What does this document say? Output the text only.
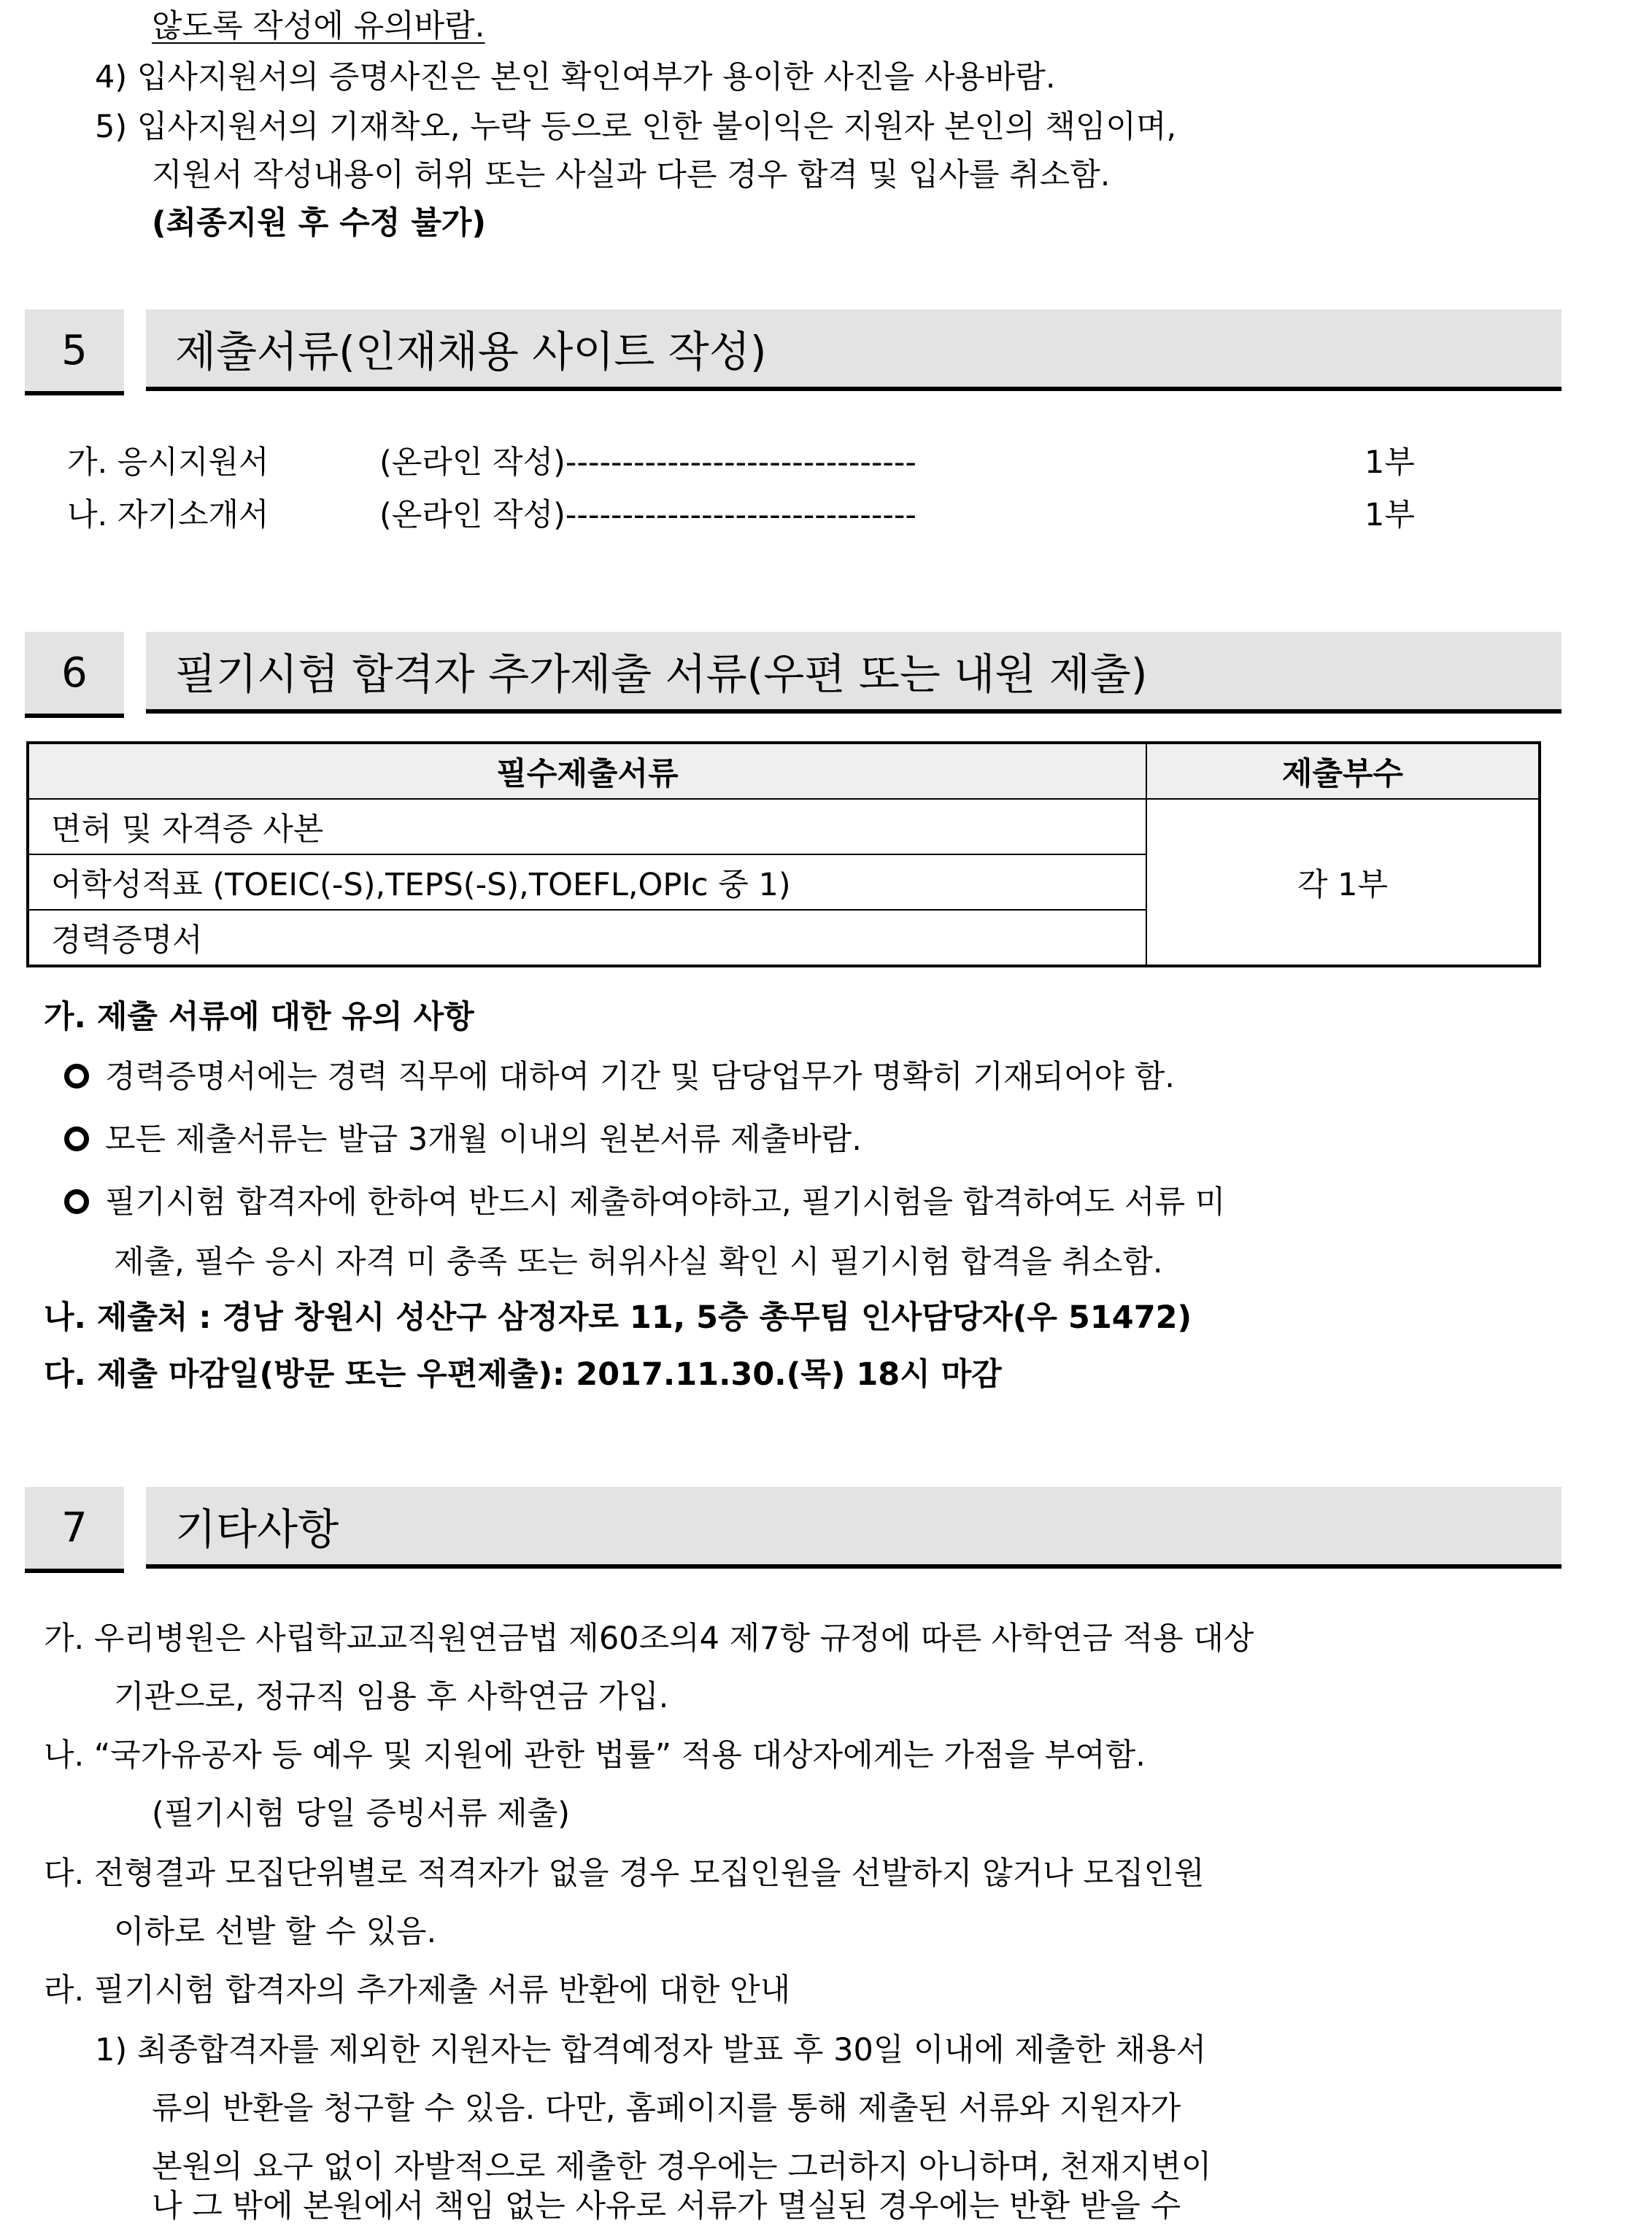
않도록 작성에 유의바람.
4) 입사지원서의 증명사진은 본인 확인여부가 용이한 사진을 사용바람.
5) 입사지원서의 기재착오, 누락 등으로 인한 불이익은 지원자 본인의 책임이며,
지원서 작성내용이 허위 또는 사실과 다른 경우 합격 및 입사를 취소함.
(최종지원 후 수정 불가)
5	제출서류(인재채용 사이트 작성)
가. 응시지원서	(온라인 작성)-------------------------------	1부
나. 자기소개서	(온라인 작성)-------------------------------	1부
6	필기시험 합격자 추가제출 서류(우편 또는 내원 제출)
필수제출서류	제출부수
면허 및 자격증 사본	각 1부
어학성적표 (TOEIC(-S),TEPS(-S),TOEFL,OPIc 중 1)	
경력증명서	
가. 제출 서류에 대한 유의 사항
경력증명서에는 경력 직무에 대하여 기간 및 담당업무가 명확히 기재되어야 함.
모든 제출서류는 발급 3개월 이내의 원본서류 제출바람.
필기시험 합격자에 한하여 반드시 제출하여야하고, 필기시험을 합격하여도 서류 미
제출, 필수 응시 자격 미 충족 또는 허위사실 확인 시 필기시험 합격을 취소함.
나. 제출처 : 경남 창원시 성산구 삼정자로 11, 5층 총무팀 인사담당자(우 51472)
다. 제출 마감일(방문 또는 우편제출): 2017.11.30.(목) 18시 마감
7	기타사항
가. 우리병원은 사립학교교직원연금법 제60조의4 제7항 규정에 따른 사학연금 적용 대상
기관으로, 정규직 임용 후 사학연금 가입.
나. “국가유공자 등 예우 및 지원에 관한 법률” 적용 대상자에게는 가점을 부여함.
(필기시험 당일 증빙서류 제출)
다. 전형결과 모집단위별로 적격자가 없을 경우 모집인원을 선발하지 않거나 모집인원
이하로 선발 할 수 있음.
라. 필기시험 합격자의 추가제출 서류 반환에 대한 안내
1) 최종합격자를 제외한 지원자는 합격예정자 발표 후 30일 이내에 제출한 채용서
류의 반환을 청구할 수 있음. 다만, 홈페이지를 통해 제출된 서류와 지원자가
본원의 요구 없이 자발적으로 제출한 경우에는 그러하지 아니하며, 천재지변이
나 그 밖에 본원에서 책임 없는 사유로 서류가 멸실된 경우에는 반환 받을 수
